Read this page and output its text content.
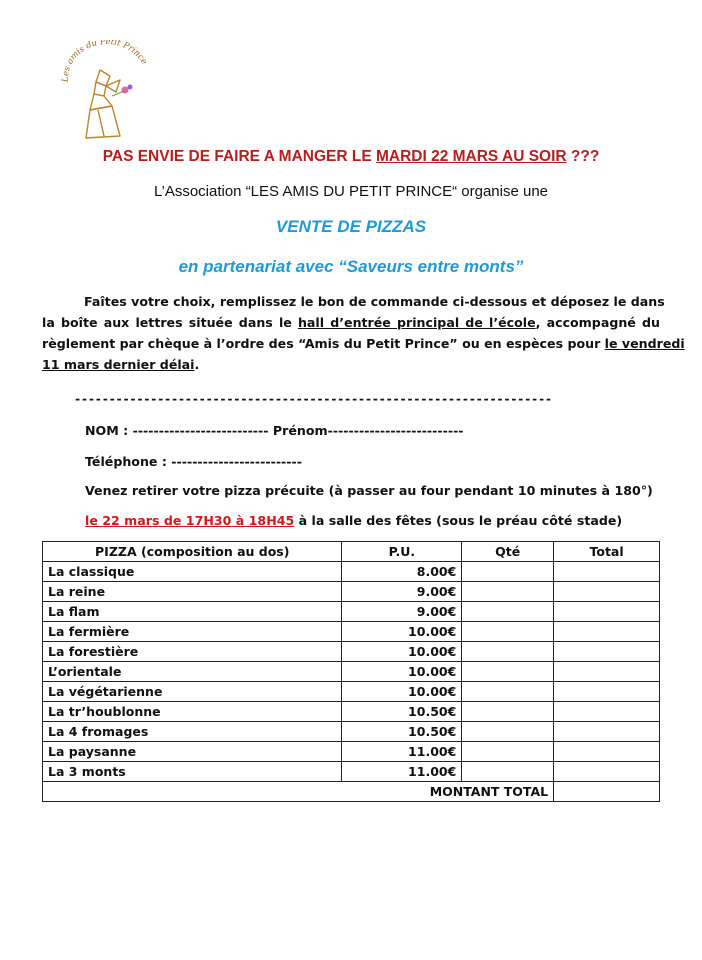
Les amis du Petit Prince
PAS ENVIE DE FAIRE A MANGER LE MARDI 22 MARS AU SOIR ???
L’Association “LES AMIS DU PETIT PRINCE“ organise une
VENTE DE PIZZAS
en partenariat avec “Saveurs entre monts”
Faîtes votre choix, remplissez le bon de commande ci-dessous et déposez le dans
la boîte aux lettres située dans le hall d’entrée principal de l’école, accompagné du
règlement par chèque à l’ordre des “Amis du Petit Prince” ou en espèces pour le vendredi
11 mars dernier délai.
---------------------------------------------------------------------
NOM : -------------------------- Prénom--------------------------
Téléphone : -------------------------
Venez retirer votre pizza précuite (à passer au four pendant 10 minutes à 180°)
le 22 mars de 17H30 à 18H45 à la salle des fêtes (sous le préau côté stade)
PIZZA (composition au dos)	P.U.	Qté	Total
La classique	8.00€		
La reine	9.00€		
La flam	9.00€		
La fermière	10.00€		
La forestière	10.00€		
L’orientale	10.00€		
La végétarienne	10.00€		
La tr’houblonne	10.50€		
La 4 fromages	10.50€		
La paysanne	11.00€		
La 3 monts	11.00€		
	MONTANT TOTAL		
